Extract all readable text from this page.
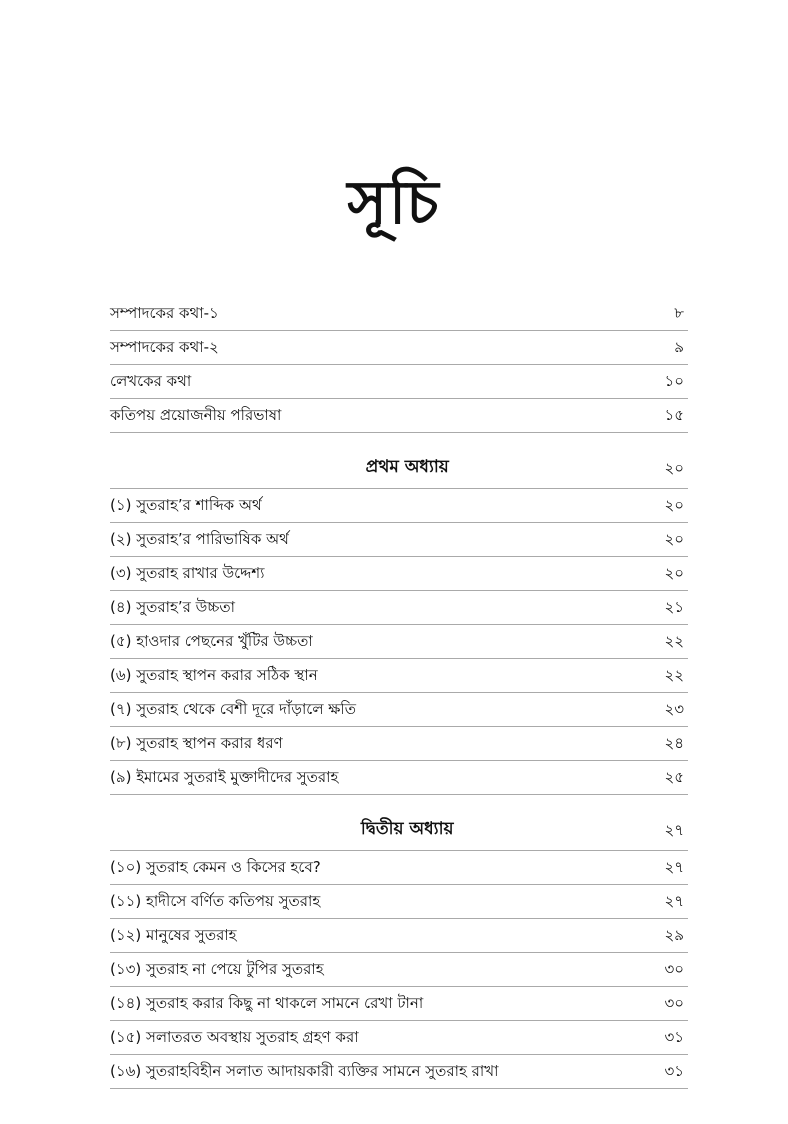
সূচি
সম্পাদকের কথা-১	৮
সম্পাদকের কথা-২	৯
লেখকের কথা	১০
কতিপয় প্রয়োজনীয় পরিভাষা	১৫
প্রথম অধ্যায়	২০
(১) সুতরাহ’র শাব্দিক অর্থ	২০
(২) সুতরাহ’র পারিভাষিক অর্থ	২০
(৩) সুতরাহ রাখার উদ্দেশ্য	২০
(৪) সুতরাহ’র উচ্চতা	২১
(৫) হাওদার পেছনের খুঁটির উচ্চতা	২২
(৬) সুতরাহ স্থাপন করার সঠিক স্থান	২২
(৭) সুতরাহ থেকে বেশী দূরে দাঁড়ালে ক্ষতি	২৩
(৮) সুতরাহ স্থাপন করার ধরণ	২৪
(৯) ইমামের সুতরাই মুক্তাদীদের সুতরাহ	২৫
দ্বিতীয় অধ্যায়	২৭
(১০) সুতরাহ কেমন ও কিসের হবে?	২৭
(১১) হাদীসে বর্ণিত কতিপয় সুতরাহ	২৭
(১২) মানুষের সুতরাহ	২৯
(১৩) সুতরাহ না পেয়ে টুপির সুতরাহ	৩০
(১৪) সুতরাহ করার কিছু না থাকলে সামনে রেখা টানা	৩০
(১৫) সলাতরত অবস্থায় সুতরাহ গ্রহণ করা	৩১
(১৬) সুতরাহবিহীন সলাত আদায়কারী ব্যক্তির সামনে সুতরাহ রাখা	৩১
